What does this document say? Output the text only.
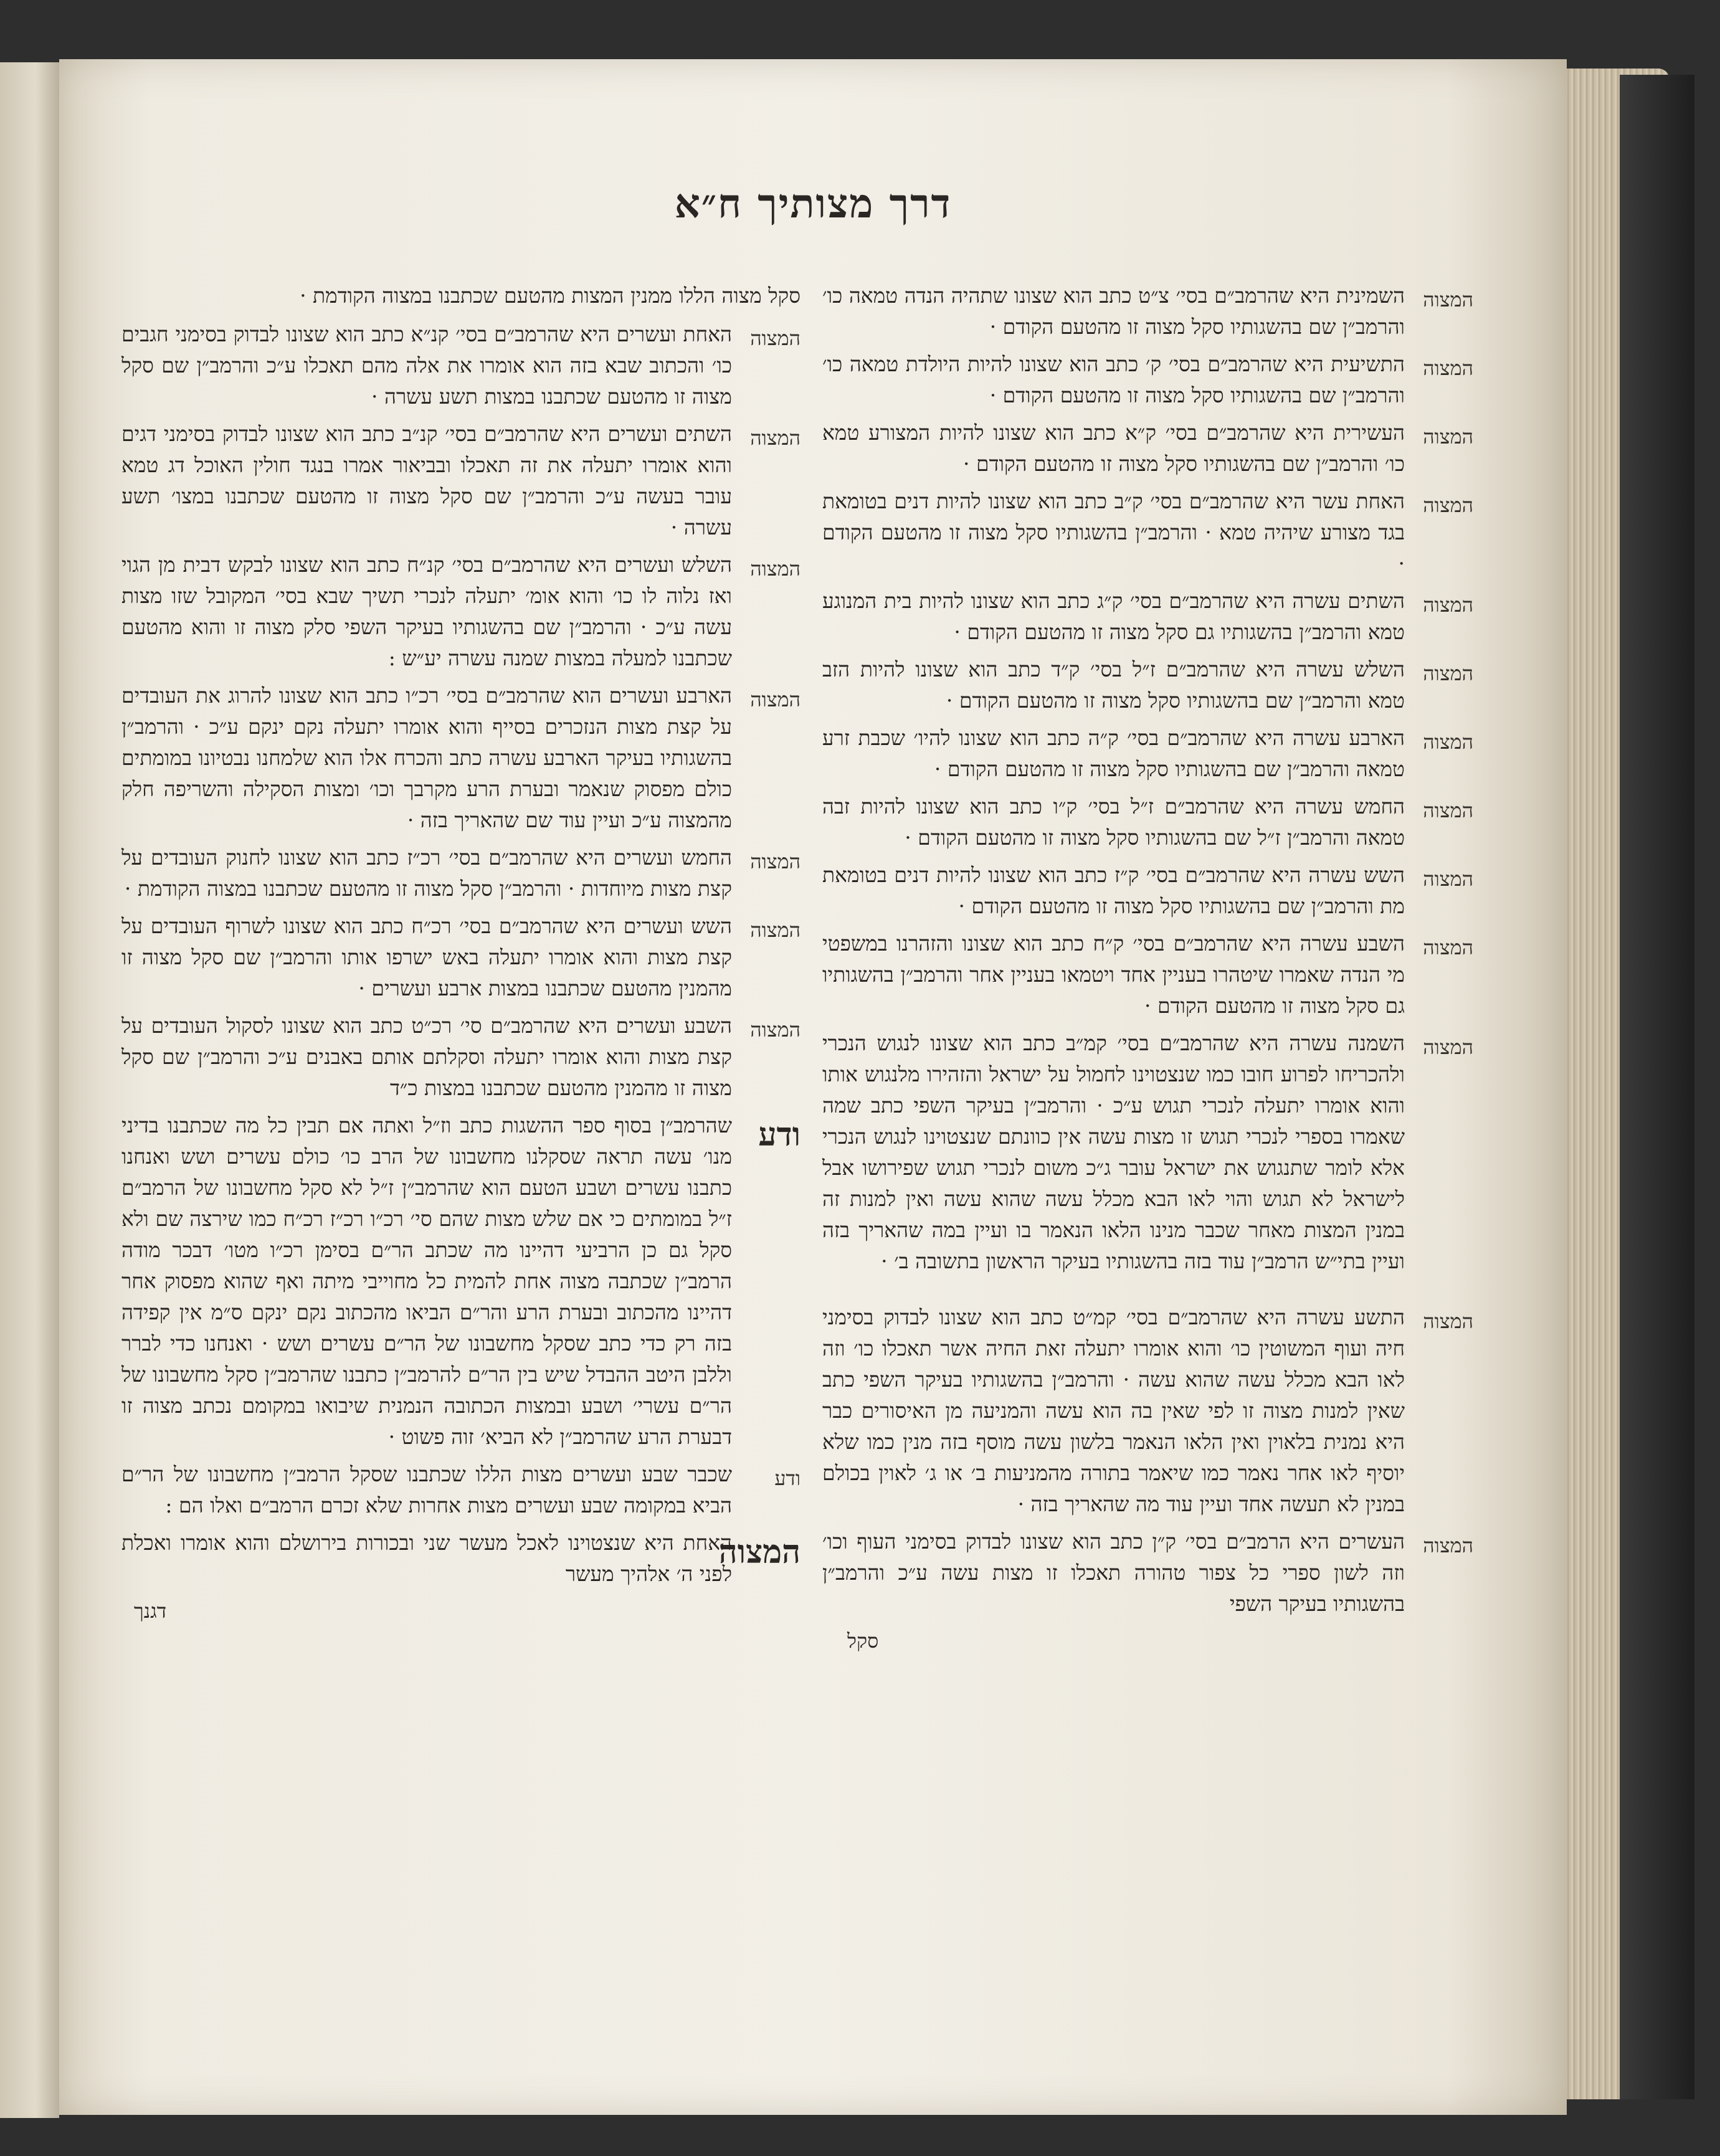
דרך מצותיך ח״א
המצוה
השמינית היא שהרמב״ם בסי׳ צ״ט כתב הוא שצונו שתהיה הנדה טמאה כו׳ והרמב״ן שם בהשגותיו סקל מצוה זו מהטעם הקודם ·
המצוה
התשיעית היא שהרמב״ם בסי׳ ק׳ כתב הוא שצונו להיות היולדת טמאה כו׳ והרמב״ן שם בהשגותיו סקל מצוה זו מהטעם הקודם ·
המצוה
העשירית היא שהרמב״ם בסי׳ ק״א כתב הוא שצונו להיות המצורע טמא כו׳ והרמב״ן שם בהשגותיו סקל מצוה זו מהטעם הקודם ·
המצוה
האחת עשר היא שהרמב״ם בסי׳ ק״ב כתב הוא שצונו להיות דנים בטומאת בגד מצורע שיהיה טמא · והרמב״ן בהשגותיו סקל מצוה זו מהטעם הקודם ·
המצוה
השתים עשרה היא שהרמב״ם בסי׳ ק״ג כתב הוא שצונו להיות בית המנוגע טמא והרמב״ן בהשגותיו גם סקל מצוה זו מהטעם הקודם ·
המצוה
השלש עשרה היא שהרמב״ם ז״ל בסי׳ ק״ד כתב הוא שצונו להיות הזב טמא והרמב״ן שם בהשגותיו סקל מצוה זו מהטעם הקודם ·
המצוה
הארבע עשרה היא שהרמב״ם בסי׳ ק״ה כתב הוא שצונו להיו׳ שכבת זרע טמאה והרמב״ן שם בהשגותיו סקל מצוה זו מהטעם הקודם ·
המצוה
החמש עשרה היא שהרמב״ם ז״ל בסי׳ ק״ו כתב הוא שצונו להיות זבה טמאה והרמב״ן ז״ל שם בהשגותיו סקל מצוה זו מהטעם הקודם ·
המצוה
השש עשרה היא שהרמב״ם בסי׳ ק״ז כתב הוא שצונו להיות דנים בטומאת מת והרמב״ן שם בהשגותיו סקל מצוה זו מהטעם הקודם ·
המצוה
השבע עשרה היא שהרמב״ם בסי׳ ק״ח כתב הוא שצונו והזהרנו במשפטי מי הנדה שאמרו שיטהרו בעניין אחד ויטמאו בעניין אחר והרמב״ן בהשגותיו גם סקל מצוה זו מהטעם הקודם ·
המצוה
השמנה עשרה היא שהרמב״ם בסי׳ קמ״ב כתב הוא שצונו לנגוש הנכרי ולהכריחו לפרוע חובו כמו שנצטוינו לחמול על ישראל והזהירו מלנגוש אותו והוא אומרו יתעלה לנכרי תגוש ע״כ · והרמב״ן בעיקר השפי כתב שמה שאמרו בספרי לנכרי תגוש זו מצות עשה אין כוונתם שנצטוינו לנגוש הנכרי אלא לומר שתנגוש את ישראל עובר ג״כ משום לנכרי תגוש שפירושו אבל לישראל לא תגוש והוי לאו הבא מכלל עשה שהוא עשה ואין למנות זה במנין המצות מאחר שכבר מנינו הלאו הנאמר בו ועיין במה שהאריך בזה ועיין בתי״ש הרמב״ן עוד בזה בהשגותיו בעיקר הראשון בתשובה ב׳ ·
המצוה
התשע עשרה היא שהרמב״ם בסי׳ קמ״ט כתב הוא שצונו לבדוק בסימני חיה ועוף המשוטין כו׳ והוא אומרו יתעלה זאת החיה אשר תאכלו כו׳ וזה לאו הבא מכלל עשה שהוא עשה · והרמב״ן בהשגותיו בעיקר השפי כתב שאין למנות מצוה זו לפי שאין בה הוא עשה והמניעה מן האיסורים כבר היא נמנית בלאוין ואין הלאו הנאמר בלשון עשה מוסף בזה מנין כמו שלא יוסיף לאו אחר נאמר כמו שיאמר בתורה מהמניעות ב׳ או ג׳ לאוין בכולם במנין לא תעשה אחד ועיין עוד מה שהאריך בזה ·
המצוה
העשרים היא הרמב״ם בסי׳ ק״ן כתב הוא שצונו לבדוק בסימני העוף וכו׳ וזה לשון ספרי כל צפור טהורה תאכלו זו מצות עשה ע״כ והרמב״ן בהשגותיו בעיקר השפי
סקל
סקל מצוה הללו ממנין המצות מהטעם שכתבנו במצוה הקודמת ·
המצוה
האחת ועשרים היא שהרמב״ם בסי׳ קנ״א כתב הוא שצונו לבדוק בסימני חגבים כו׳ והכתוב שבא בזה הוא אומרו את אלה מהם תאכלו ע״כ והרמב״ן שם סקל מצוה זו מהטעם שכתבנו במצות תשע עשרה ·
המצוה
השתים ועשרים היא שהרמב״ם בסי׳ קנ״ב כתב הוא שצונו לבדוק בסימני דגים והוא אומרו יתעלה את זה תאכלו ובביאור אמרו בנגד חולין האוכל דג טמא עובר בעשה ע״כ והרמב״ן שם סקל מצוה זו מהטעם שכתבנו במצו׳ תשע עשרה ·
המצוה
השלש ועשרים היא שהרמב״ם בסי׳ קנ״ח כתב הוא שצונו לבקש דבית מן הגוי ואז נלוה לו כו׳ והוא אומ׳ יתעלה לנכרי תשיך שבא בסי׳ המקובל שזו מצות עשה ע״כ · והרמב״ן שם בהשגותיו בעיקר השפי סלק מצוה זו והוא מהטעם שכתבנו למעלה במצות שמנה עשרה יע״ש :
המצוה
הארבע ועשרים הוא שהרמב״ם בסי׳ רכ״ו כתב הוא שצונו להרוג את העובדים על קצת מצות הנזכרים בסייף והוא אומרו יתעלה נקם ינקם ע״כ · והרמב״ן בהשגותיו בעיקר הארבע עשרה כתב והכרח אלו הוא שלמחנו נבטיונו במומתים כולם מפסוק שנאמר ובערת הרע מקרבך וכו׳ ומצות הסקילה והשריפה חלק מהמצוה ע״כ ועיין עוד שם שהאריך בזה ·
המצוה
החמש ועשרים היא שהרמב״ם בסי׳ רכ״ז כתב הוא שצונו לחנוק העובדים על קצת מצות מיוחדות · והרמב״ן סקל מצוה זו מהטעם שכתבנו במצוה הקודמת ·
המצוה
השש ועשרים היא שהרמב״ם בסי׳ רכ״ח כתב הוא שצונו לשרוף העובדים על קצת מצות והוא אומרו יתעלה באש ישרפו אותו והרמב״ן שם סקל מצוה זו מהמנין מהטעם שכתבנו במצות ארבע ועשרים ·
המצוה
השבע ועשרים היא שהרמב״ם סי׳ רכ״ט כתב הוא שצונו לסקול העובדים על קצת מצות והוא אומרו יתעלה וסקלתם אותם באבנים ע״כ והרמב״ן שם סקל מצוה זו מהמנין מהטעם שכתבנו במצות כ״ד
ודע
שהרמב״ן בסוף ספר ההשגות כתב וז״ל ואתה אם תבין כל מה שכתבנו בדיני מנו׳ עשה תראה שסקלנו מחשבונו של הרב כו׳ כולם עשרים ושש ואנחנו כתבנו עשרים ושבע הטעם הוא שהרמב״ן ז״ל לא סקל מחשבונו של הרמב״ם ז״ל במומתים כי אם שלש מצות שהם סי׳ רכ״ו רכ״ז רכ״ח כמו שירצה שם ולא סקל גם כן הרביעי דהיינו מה שכתב הר״ם בסימן רכ״ו מטו׳ דבכר מודה הרמב״ן שכתבה מצוה אחת להמית כל מחוייבי מיתה ואף שהוא מפסוק אחר דהיינו מהכתוב ובערת הרע והר״ם הביאו מהכתוב נקם ינקם ס״מ אין קפידה בזה רק כדי כתב שסקל מחשבונו של הר״ם עשרים ושש · ואנחנו כדי לברר וללבן היטב ההבדל שיש בין הר״ם להרמב״ן כתבנו שהרמב״ן סקל מחשבונו של הר״ם עשרי׳ ושבע ובמצות הכתובה הנמנית שיבואו במקומם נכתב מצוה זו דבערת הרע שהרמב״ן לא הביא׳ זוה פשוט ·
ודע
שכבר שבע ועשרים מצות הללו שכתבנו שסקל הרמב״ן מחשבונו של הר״ם הביא במקומה שבע ועשרים מצות אחרות שלא זכרם הרמב״ם ואלו הם :
המצוה
האחת היא שנצטוינו לאכל מעשר שני ובכורות בירושלם והוא אומרו ואכלת לפני ה׳ אלהיך מעשר
דגנך
